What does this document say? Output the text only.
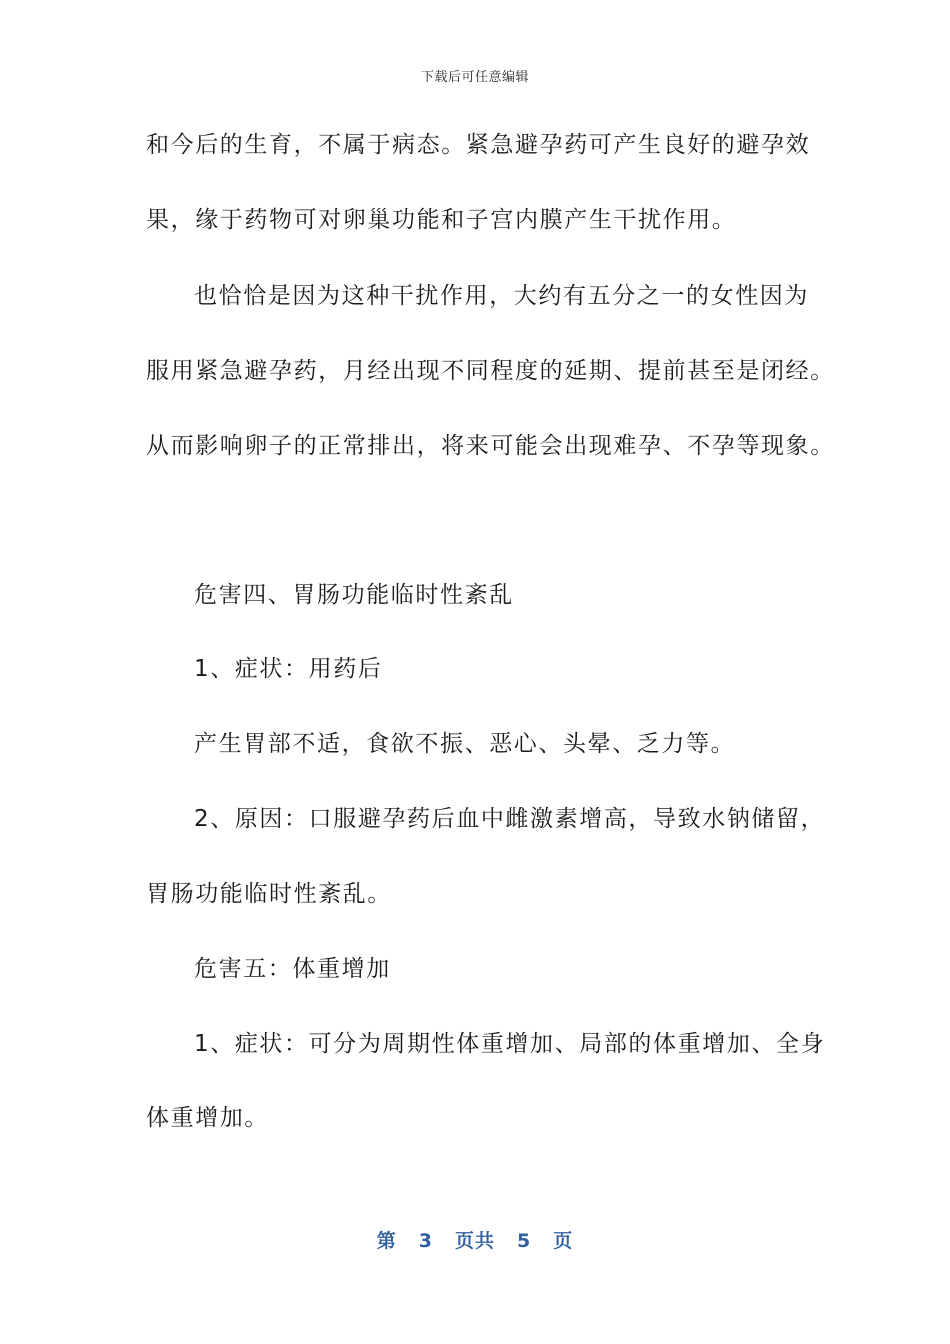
下载后可任意编辑
和今后的生育，不属于病态。紧急避孕药可产生良好的避孕效
果，缘于药物可对卵巢功能和子宫内膜产生干扰作用。
也恰恰是因为这种干扰作用，大约有五分之一的女性因为
服用紧急避孕药，月经出现不同程度的延期、提前甚至是闭经。
从而影响卵子的正常排出，将来可能会出现难孕、不孕等现象。
危害四、胃肠功能临时性紊乱
1、症状：用药后
产生胃部不适，食欲不振、恶心、头晕、乏力等。
2、原因：口服避孕药后血中雌激素增高，导致水钠储留，
胃肠功能临时性紊乱。
危害五：体重增加
1、症状：可分为周期性体重增加、局部的体重增加、全身
体重增加。
第 3 页共 5 页
